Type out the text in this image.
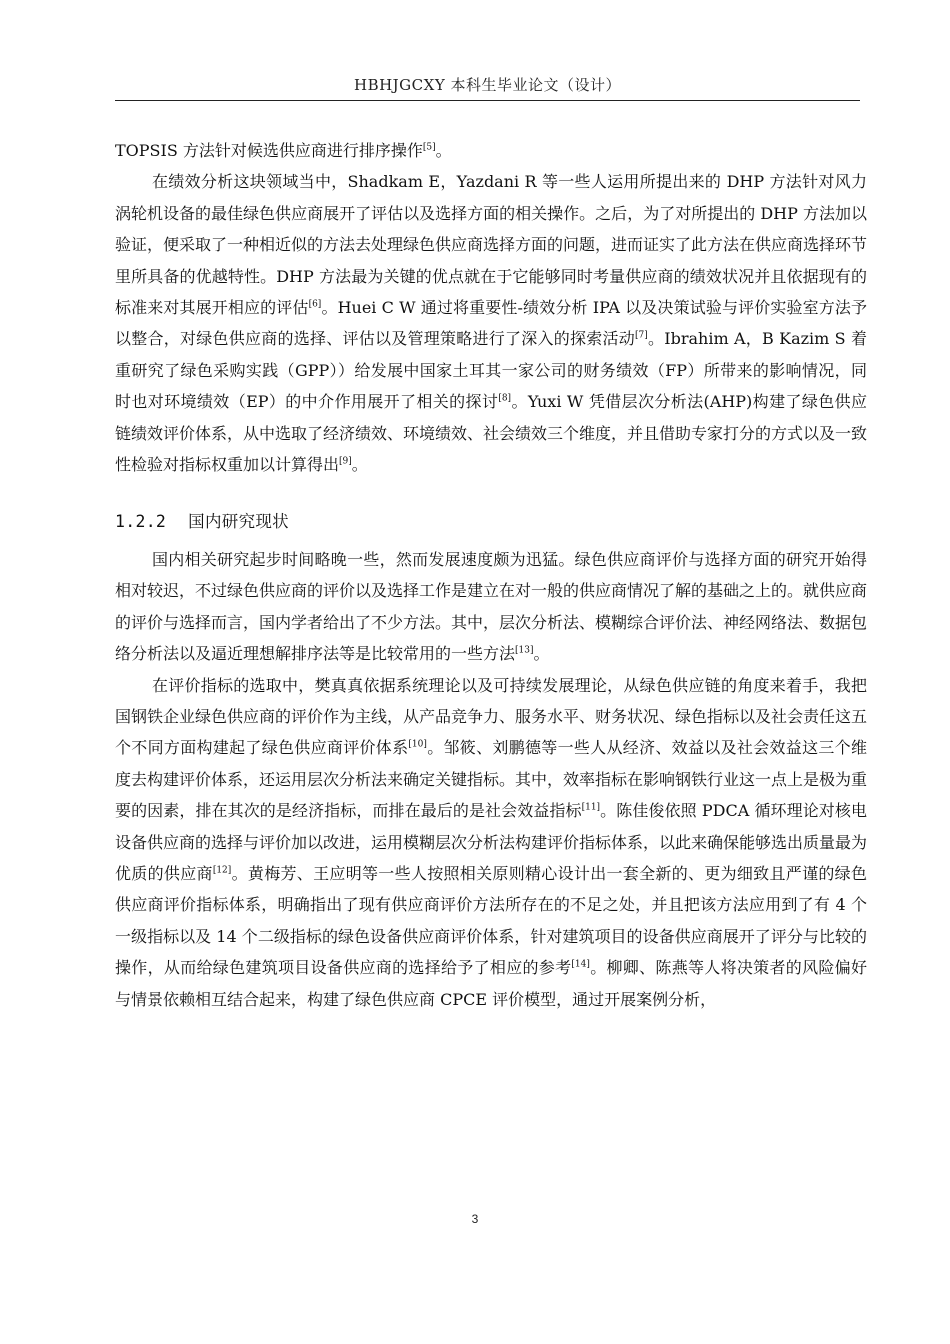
HBHJGCXY 本科生毕业论文（设计）

TOPSIS 方法针对候选供应商进行排序操作[5]。

在绩效分析这块领域当中，Shadkam E，Yazdani R 等一些人运用所提出来的 DHP 方法针对风力涡轮机设备的最佳绿色供应商展开了评估以及选择方面的相关操作。之后，为了对所提出的 DHP 方法加以验证，便采取了一种相近似的方法去处理绿色供应商选择方面的问题，进而证实了此方法在供应商选择环节里所具备的优越特性。DHP 方法最为关键的优点就在于它能够同时考量供应商的绩效状况并且依据现有的标准来对其展开相应的评估[6]。Huei C W 通过将重要性-绩效分析 IPA 以及决策试验与评价实验室方法予以整合，对绿色供应商的选择、评估以及管理策略进行了深入的探索活动[7]。Ibrahim A，B Kazim S 着重研究了绿色采购实践（GPP））给发展中国家土耳其一家公司的财务绩效（FP）所带来的影响情况，同时也对环境绩效（EP）的中介作用展开了相关的探讨[8]。Yuxi W 凭借层次分析法(AHP)构建了绿色供应链绩效评价体系，从中选取了经济绩效、环境绩效、社会绩效三个维度，并且借助专家打分的方式以及一致性检验对指标权重加以计算得出[9]。

1.2.2 国内研究现状

国内相关研究起步时间略晚一些，然而发展速度颇为迅猛。绿色供应商评价与选择方面的研究开始得相对较迟，不过绿色供应商的评价以及选择工作是建立在对一般的供应商情况了解的基础之上的。就供应商的评价与选择而言，国内学者给出了不少方法。其中，层次分析法、模糊综合评价法、神经网络法、数据包络分析法以及逼近理想解排序法等是比较常用的一些方法[13]。

在评价指标的选取中，樊真真依据系统理论以及可持续发展理论，从绿色供应链的角度来着手，我把国钢铁企业绿色供应商的评价作为主线，从产品竞争力、服务水平、财务状况、绿色指标以及社会责任这五个不同方面构建起了绿色供应商评价体系[10]。邹筱、刘鹏德等一些人从经济、效益以及社会效益这三个维度去构建评价体系，还运用层次分析法来确定关键指标。其中，效率指标在影响钢铁行业这一点上是极为重要的因素，排在其次的是经济指标，而排在最后的是社会效益指标[11]。陈佳俊依照 PDCA 循环理论对核电设备供应商的选择与评价加以改进，运用模糊层次分析法构建评价指标体系，以此来确保能够选出质量最为优质的供应商[12]。黄梅芳、王应明等一些人按照相关原则精心设计出一套全新的、更为细致且严谨的绿色供应商评价指标体系，明确指出了现有供应商评价方法所存在的不足之处，并且把该方法应用到了有 4 个一级指标以及 14 个二级指标的绿色设备供应商评价体系，针对建筑项目的设备供应商展开了评分与比较的操作，从而给绿色建筑项目设备供应商的选择给予了相应的参考[14]。柳卿、陈燕等人将决策者的风险偏好与情景依赖相互结合起来，构建了绿色供应商 CPCE 评价模型，通过开展案例分析，

3
